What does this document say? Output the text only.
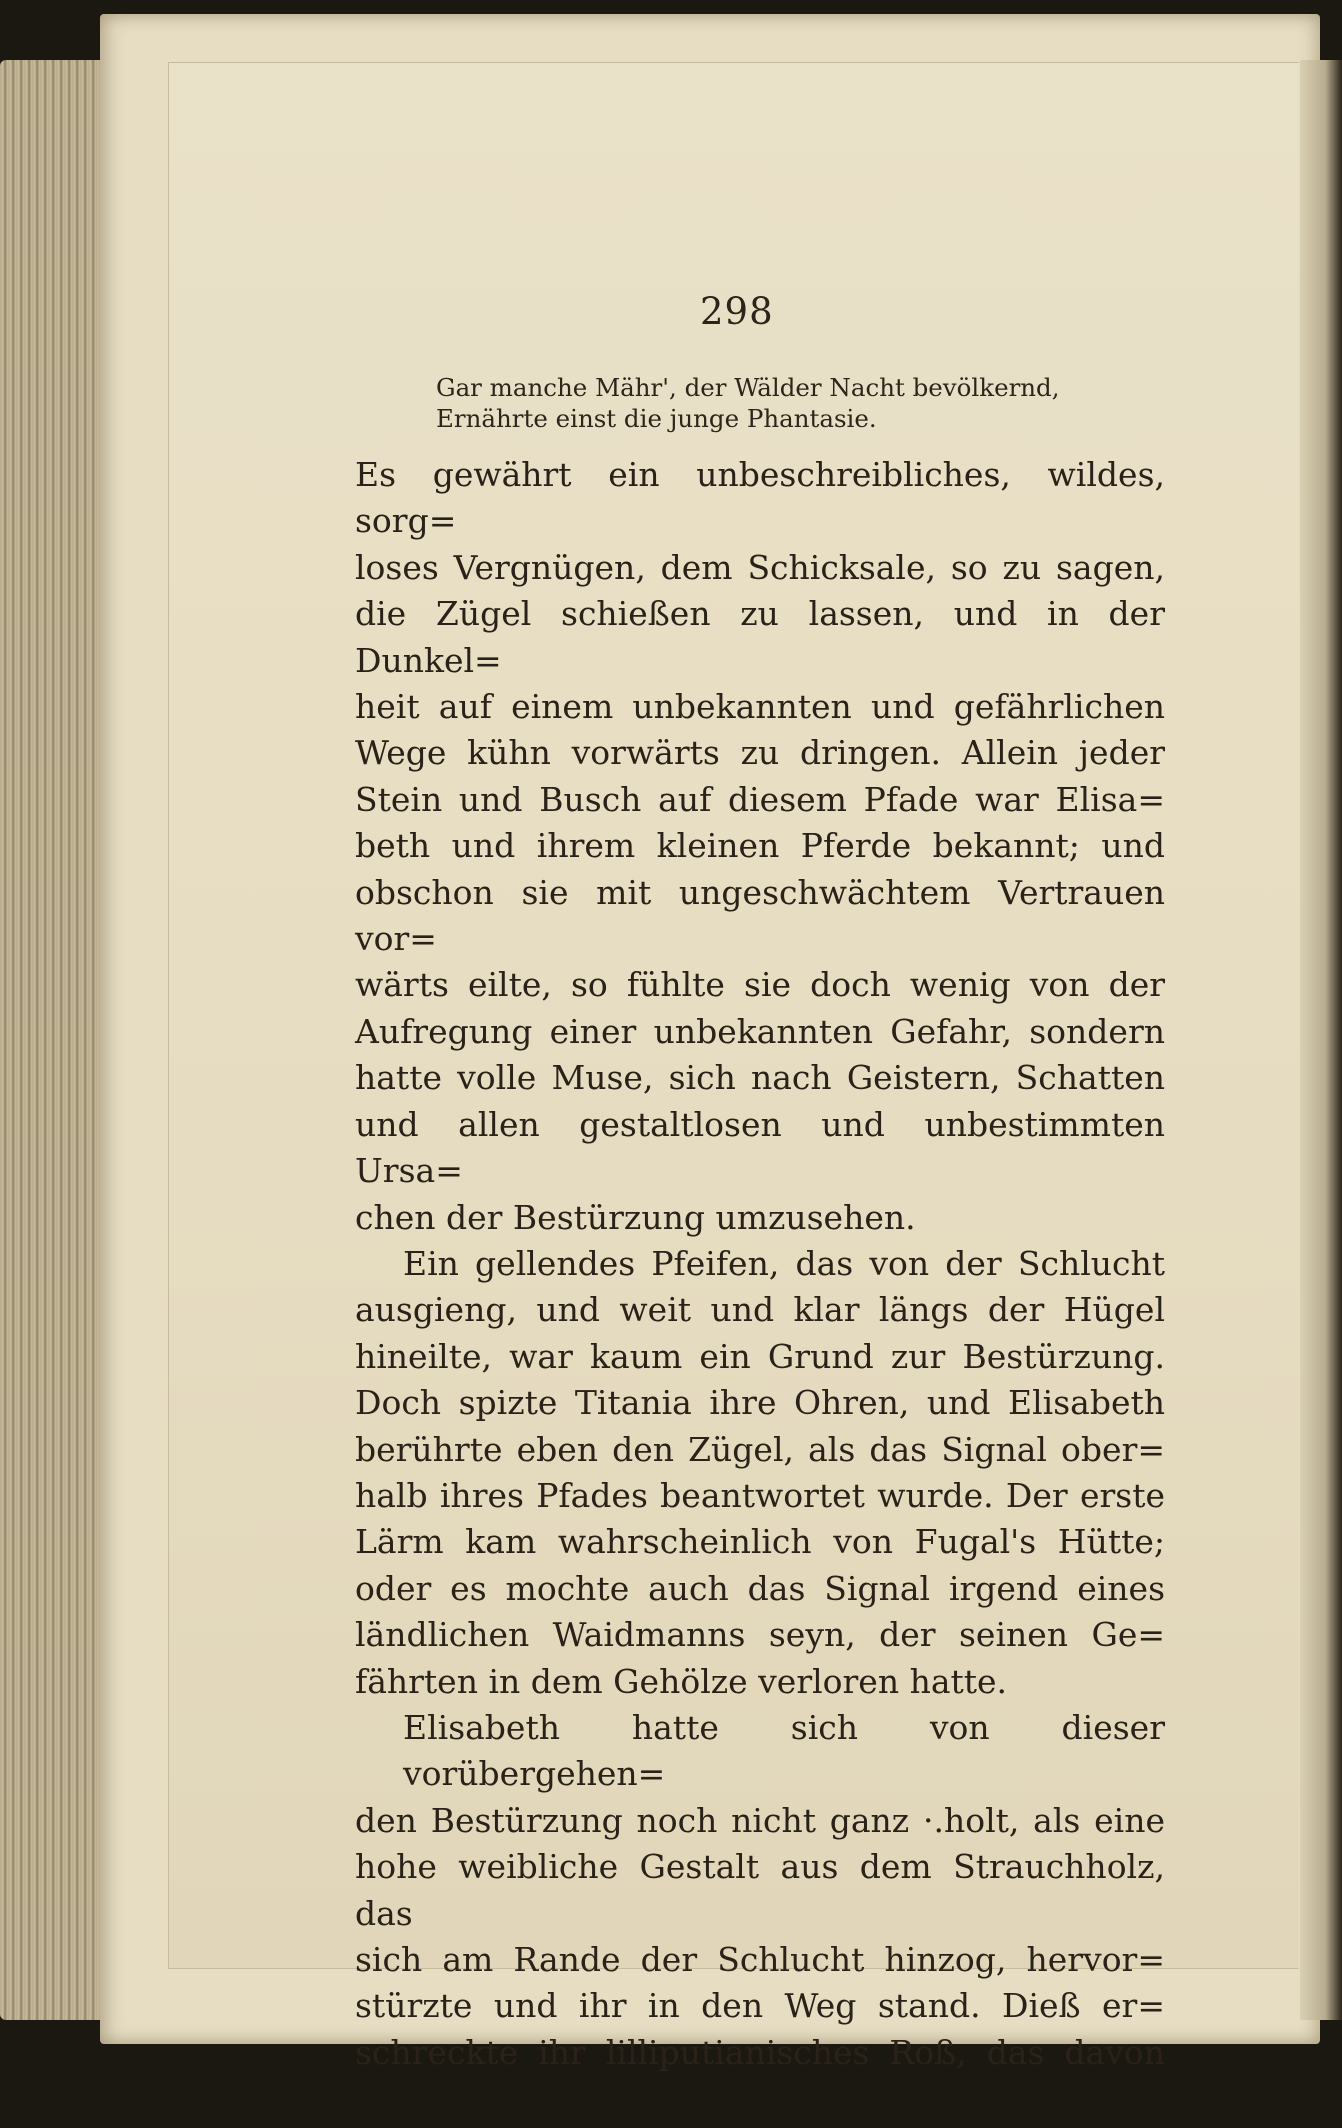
298
Gar manche Mähr', der Wälder Nacht bevölkernd,
Ernährte einst die junge Phantasie.
Es gewährt ein unbeschreibliches, wildes, sorg=
loses Vergnügen, dem Schicksale, so zu sagen,
die Zügel schießen zu lassen, und in der Dunkel=
heit auf einem unbekannten und gefährlichen
Wege kühn vorwärts zu dringen. Allein jeder
Stein und Busch auf diesem Pfade war Elisa=
beth und ihrem kleinen Pferde bekannt; und
obschon sie mit ungeschwächtem Vertrauen vor=
wärts eilte, so fühlte sie doch wenig von der
Aufregung einer unbekannten Gefahr, sondern
hatte volle Muse, sich nach Geistern, Schatten
und allen gestaltlosen und unbestimmten Ursa=
chen der Bestürzung umzusehen.
Ein gellendes Pfeifen, das von der Schlucht
ausgieng, und weit und klar längs der Hügel
hineilte, war kaum ein Grund zur Bestürzung.
Doch spizte Titania ihre Ohren, und Elisabeth
berührte eben den Zügel, als das Signal ober=
halb ihres Pfades beantwortet wurde. Der erste
Lärm kam wahrscheinlich von Fugal's Hütte;
oder es mochte auch das Signal irgend eines
ländlichen Waidmanns seyn, der seinen Ge=
fährten in dem Gehölze verloren hatte.
Elisabeth hatte sich von dieser vorübergehen=
den Bestürzung noch nicht ganz ·.holt, als eine
hohe weibliche Gestalt aus dem Strauchholz, das
sich am Rande der Schlucht hinzog, hervor=
stürzte und ihr in den Weg stand. Dieß er=
schreckte ihr lilliputianisches Roß, das davon
